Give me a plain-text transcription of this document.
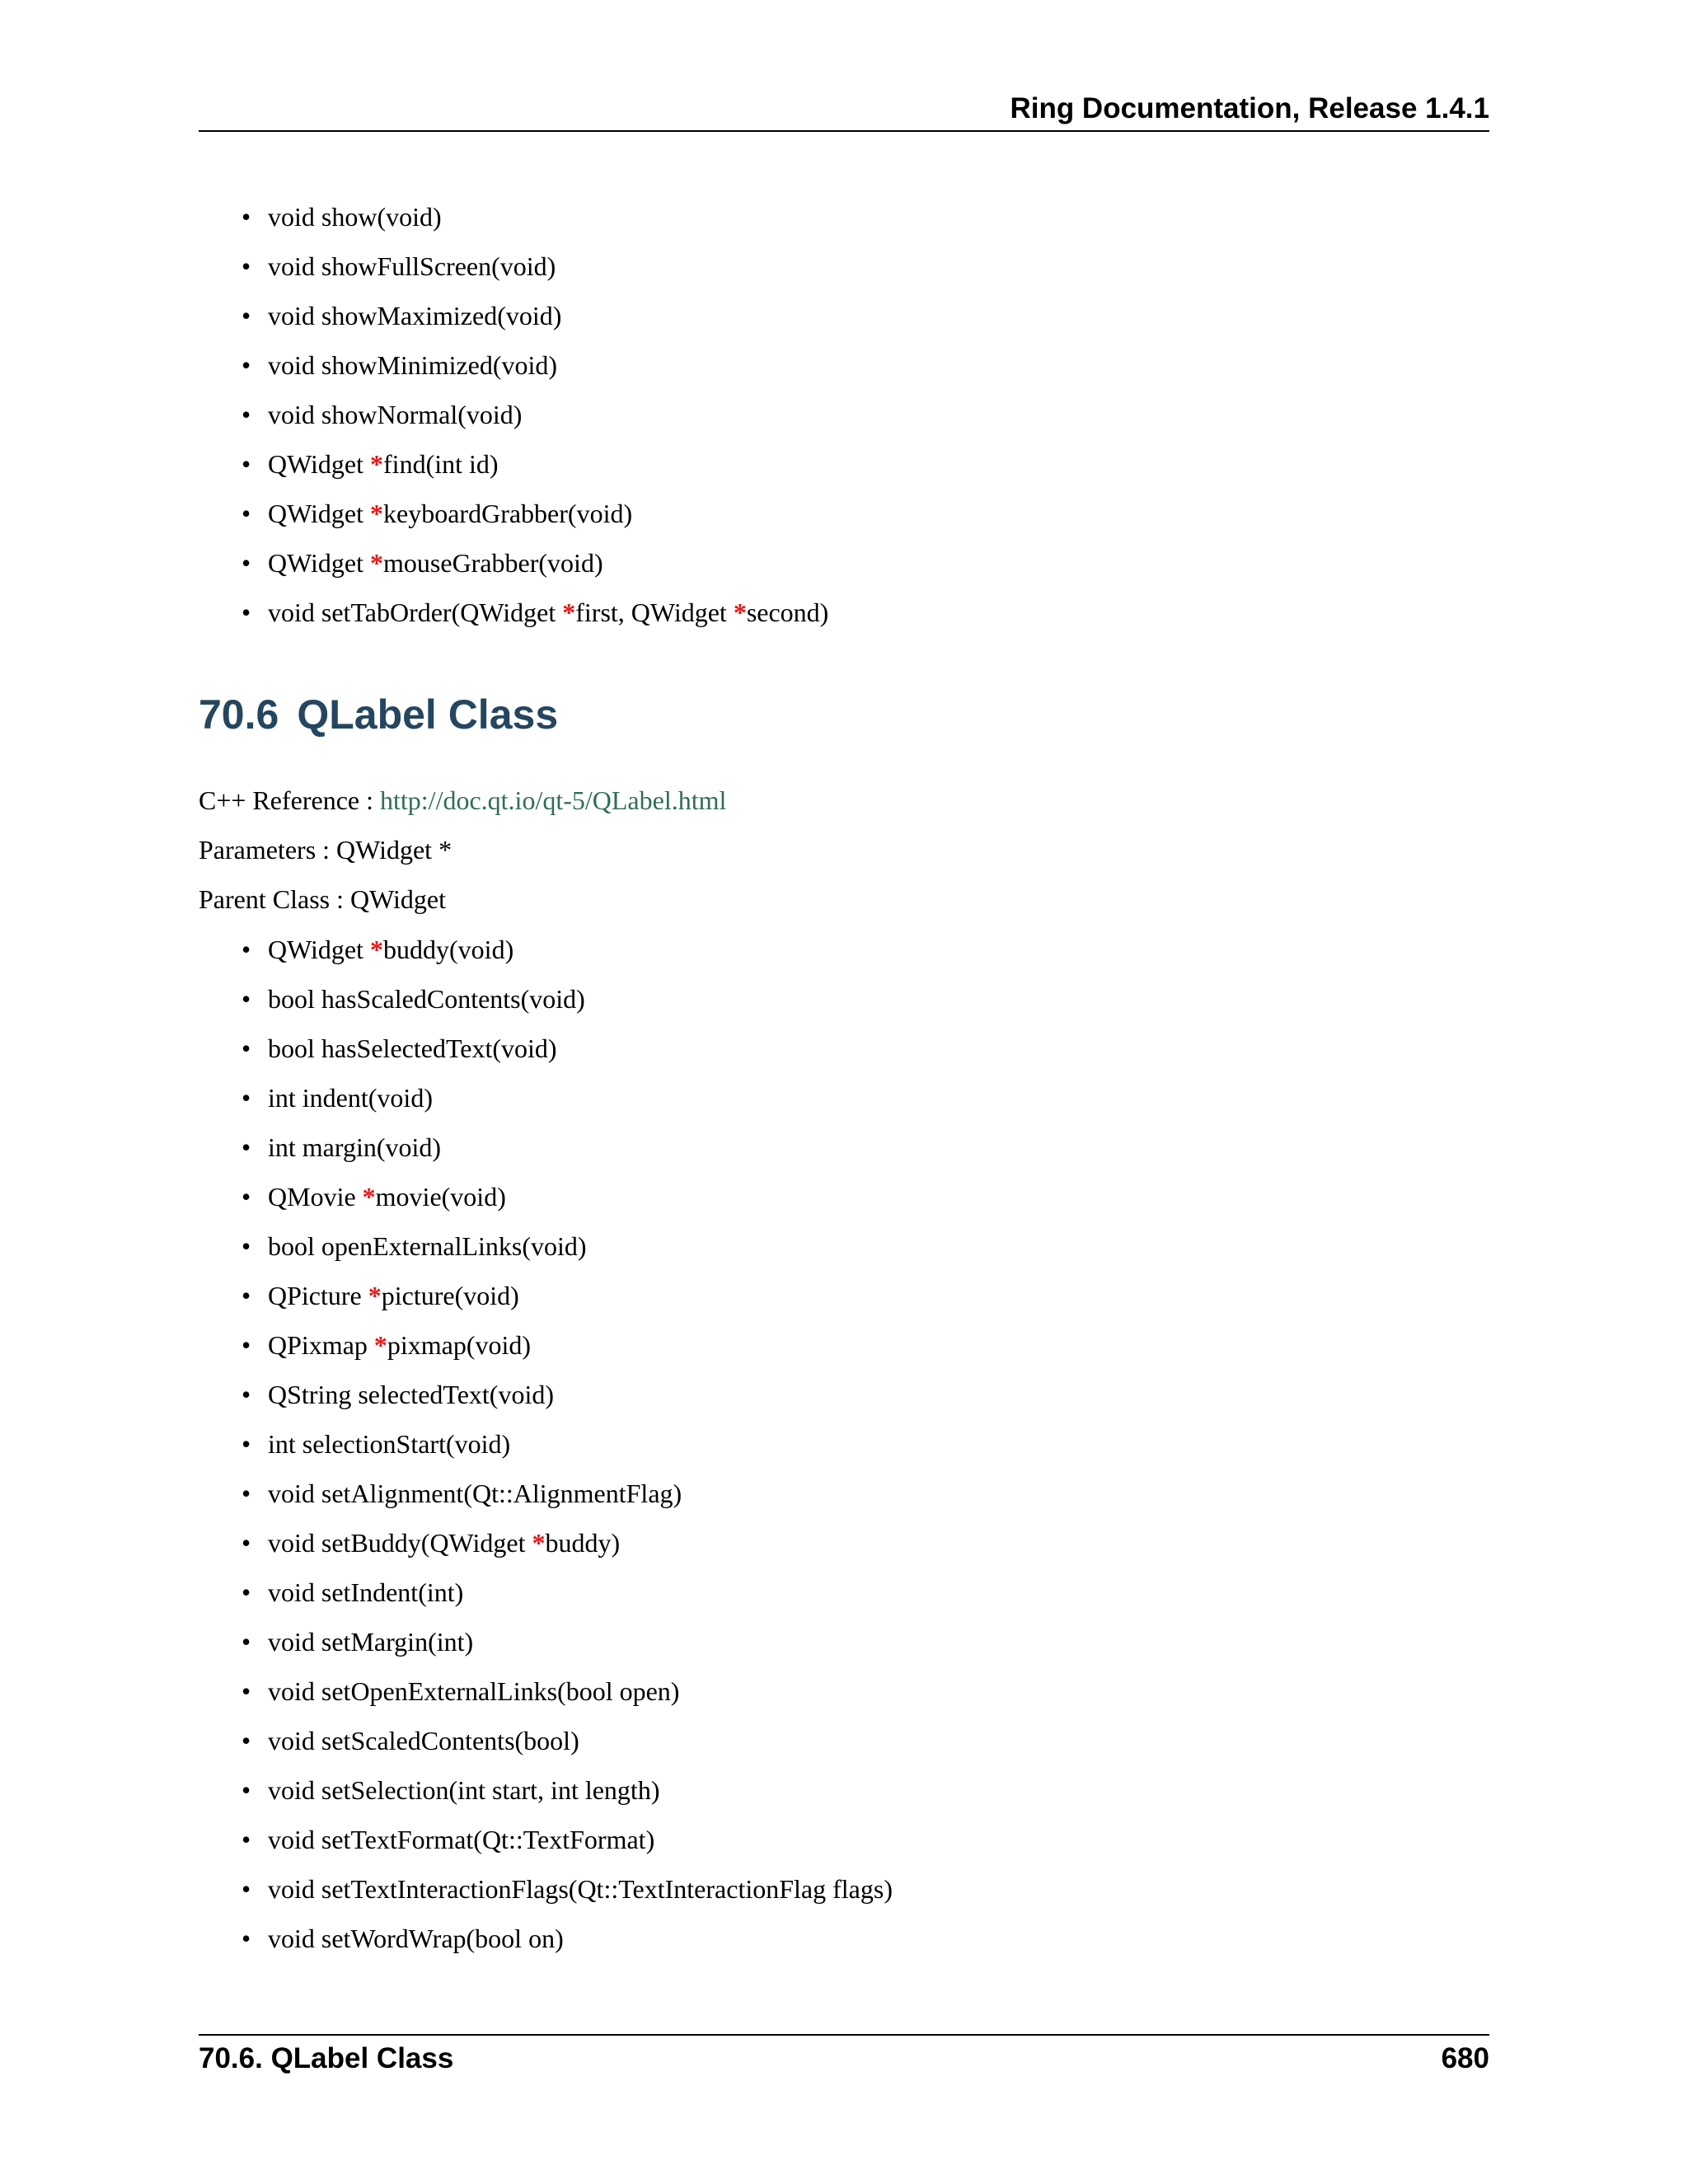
Ring Documentation, Release 1.4.1
• void show(void)
• void showFullScreen(void)
• void showMaximized(void)
• void showMinimized(void)
• void showNormal(void)
• QWidget *find(int id)
• QWidget *keyboardGrabber(void)
• QWidget *mouseGrabber(void)
• void setTabOrder(QWidget *first, QWidget *second)
70.6 QLabel Class

C++ Reference : http://doc.qt.io/qt-5/QLabel.html

Parameters : QWidget *

Parent Class : QWidget

• QWidget *buddy(void)
• bool hasScaledContents(void)
• bool hasSelectedText(void)
• int indent(void)
• int margin(void)
• QMovie *movie(void)
• bool openExternalLinks(void)
• QPicture *picture(void)
• QPixmap *pixmap(void)
• QString selectedText(void)
• int selectionStart(void)
• void setAlignment(Qt::AlignmentFlag)
• void setBuddy(QWidget *buddy)
• void setIndent(int)
• void setMargin(int)
• void setOpenExternalLinks(bool open)
• void setScaledContents(bool)
• void setSelection(int start, int length)
• void setTextFormat(Qt::TextFormat)
• void setTextInteractionFlags(Qt::TextInteractionFlag flags)
• void setWordWrap(bool on)
70.6. QLabel Class	680
